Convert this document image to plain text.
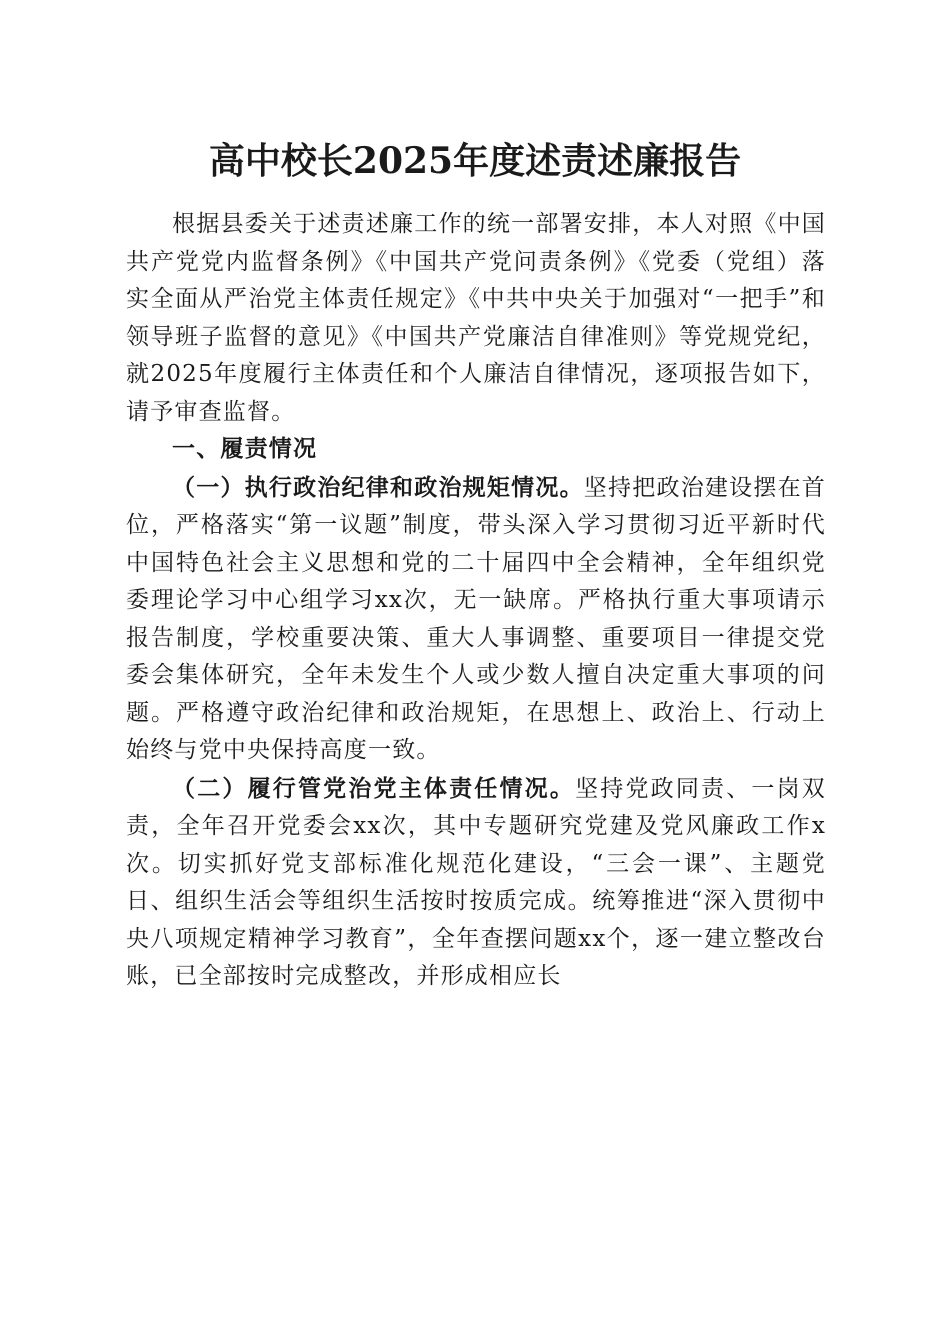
高中校长2025年度述责述廉报告

根据县委关于述责述廉工作的统一部署安排，本人对照《中国共产党党内监督条例》《中国共产党问责条例》《党委（党组）落实全面从严治党主体责任规定》《中共中央关于加强对“一把手”和领导班子监督的意见》《中国共产党廉洁自律准则》等党规党纪，就2025年度履行主体责任和个人廉洁自律情况，逐项报告如下，请予审查监督。

一、履责情况

（一）执行政治纪律和政治规矩情况。坚持把政治建设摆在首位，严格落实“第一议题”制度，带头深入学习贯彻习近平新时代中国特色社会主义思想和党的二十届四中全会精神，全年组织党委理论学习中心组学习xx次，无一缺席。严格执行重大事项请示报告制度，学校重要决策、重大人事调整、重要项目一律提交党委会集体研究，全年未发生个人或少数人擅自决定重大事项的问题。严格遵守政治纪律和政治规矩，在思想上、政治上、行动上始终与党中央保持高度一致。

（二）履行管党治党主体责任情况。坚持党政同责、一岗双责，全年召开党委会xx次，其中专题研究党建及党风廉政工作x次。切实抓好党支部标准化规范化建设，“三会一课”、主题党日、组织生活会等组织生活按时按质完成。统筹推进“深入贯彻中央八项规定精神学习教育”，全年查摆问题xx个，逐一建立整改台账，已全部按时完成整改，并形成相应长
